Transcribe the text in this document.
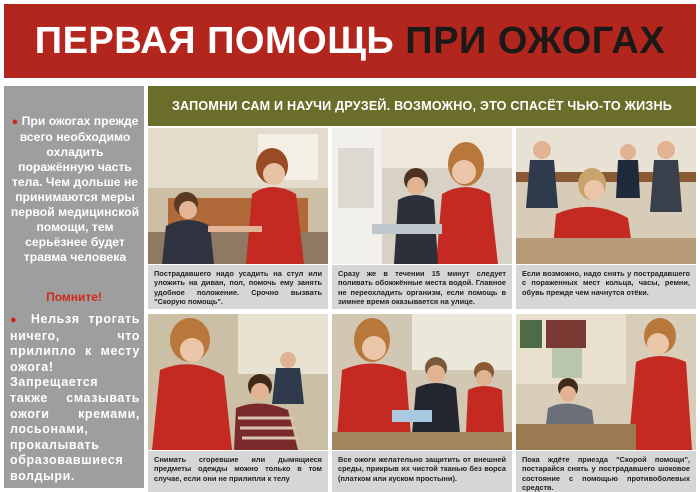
ПЕРВАЯ ПОМОЩЬ ПРИ ОЖОГАХ
● При ожогах прежде всего необходимо охладить поражённую часть тела. Чем дольше не принимаются меры первой медицинской помощи, тем серьёзнее будет травма человека
Помните!
● Нельзя трогать ничего, что прилипло к месту ожога! Запрещается также смазывать ожоги кремами, лосьонами, прокалывать образовавшиеся волдыри.
ЗАПОМНИ САМ И НАУЧИ ДРУЗЕЙ. ВОЗМОЖНО, ЭТО СПАСЁТ ЧЬЮ-ТО ЖИЗНЬ
Пострадавшего надо усадить на стул или уложить на диван, пол, помочь ему занять удобное положение. Срочно вызвать "Скорую помощь".
Сразу же в течении 15 минут следует поливать обожжённые места водой. Главное не переохладить организм, если помощь в зимнее время оказывается на улице.
Если возможно, надо снять у пострадавшего с пораженных мест кольца, часы, ремни, обувь прежде чем начнутся отёки.
Снимать сгоревшие или дымящиеся предметы одежды можно только в том случае, если они не прилипли к телу
Все ожоги желательно защитить от внешней среды, прикрыв их чистой тканью без ворса (платком или куском простыни).
Пока ждёте приезда "Скорой помощи", постарайся снять у пострадавшего шоковое состояние с помощью противоболевых средств.
